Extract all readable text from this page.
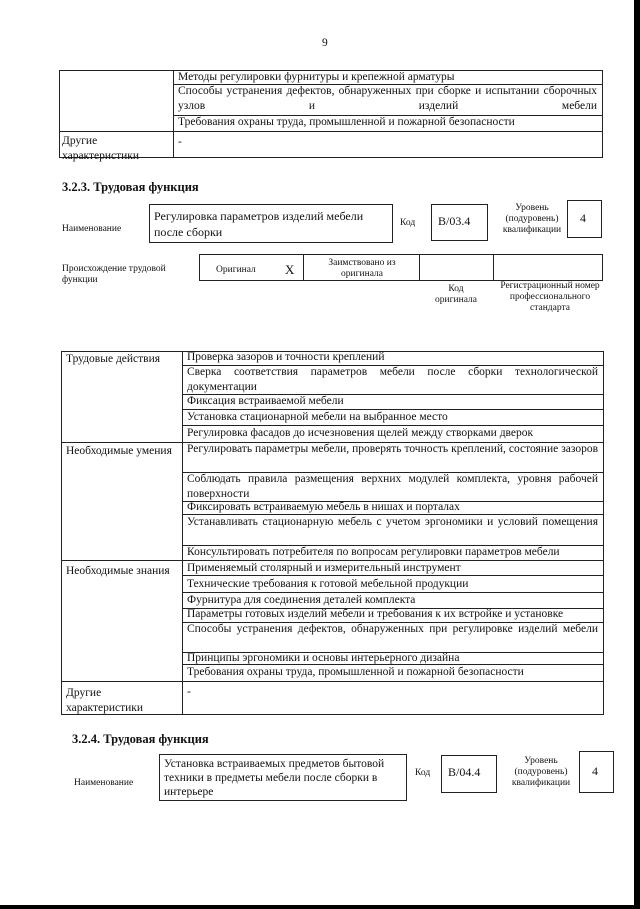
9
Методы регулировки фурнитуры и крепежной арматуры
Способы устранения дефектов, обнаруженных при сборке и испытании сборочных узлов и изделий мебели
Требования охраны труда, промышленной и пожарной безопасности
Другие характеристики
-
3.2.3. Трудовая функция
Наименование
Регулировка параметров изделий мебели после сборки
Код В/03.4
Уровень (подуровень) квалификации
4
Происхождение трудовой функции
Оригинал X	Заимствовано из оригинала
Код оригинала
Регистрационный номер профессионального стандарта
Трудовые действия Проверка зазоров и точности креплений
Сверка соответствия параметров мебели после сборки технологической документации
Фиксация встраиваемой мебели
Установка стационарной мебели на выбранное место
Регулировка фасадов до исчезновения щелей между створками дверок
Необходимые умения	Регулировать параметры мебели, проверять точность креплений, состояние зазоров
Соблюдать правила размещения верхних модулей комплекта, уровня рабочей поверхности
Фиксировать встраиваемую мебель в нишах и порталах
Устанавливать стационарную мебель с учетом эргономики и условий помещения
Консультировать потребителя по вопросам регулировки параметров мебели
Необходимые знания	Применяемый столярный и измерительный инструмент
Технические требования к готовой мебельной продукции
Фурнитура для соединения деталей комплекта
Параметры готовых изделий мебели и требования к их встройке и установке
Способы устранения дефектов, обнаруженных при регулировке изделий мебели
Принципы эргономики и основы интерьерного дизайна
Требования охраны труда, промышленной и пожарной безопасности
Другие характеристики
-
3.2.4. Трудовая функция
Наименование
Установка встраиваемых предметов бытовой техники в предметы мебели после сборки в интерьере
Код В/04.4
Уровень (подуровень) квалификации
4
